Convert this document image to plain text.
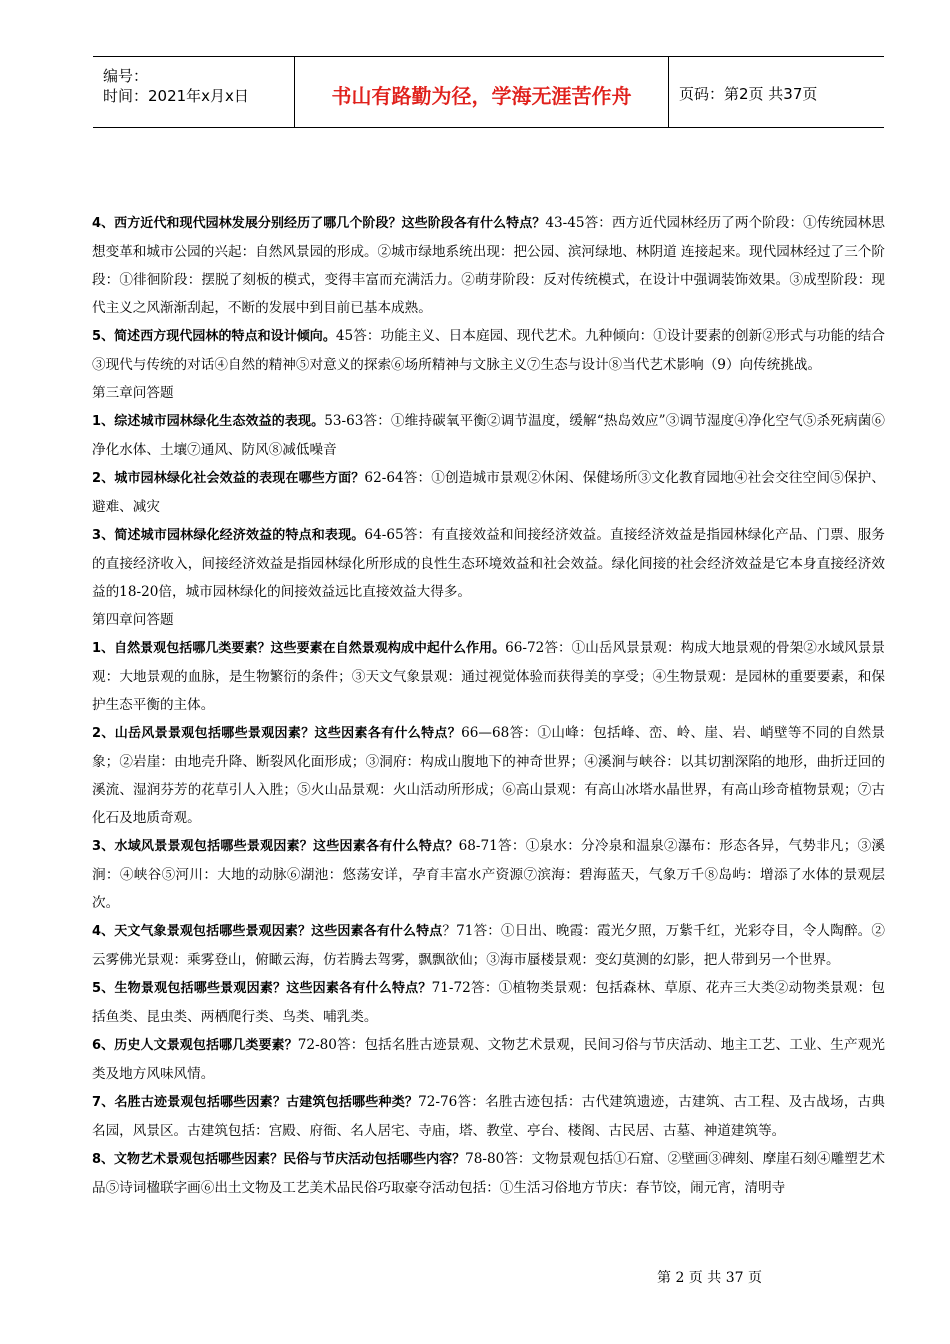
编号：
时间：2021年x月x日	书山有路勤为径，学海无涯苦作舟	页码：第2页 共37页

4、西方近代和现代园林发展分别经历了哪几个阶段？这些阶段各有什么特点？43-45答：西方近代园林经历了两个阶段：①传统园林思想变革和城市公园的兴起：自然风景园的形成。②城市绿地系统出现：把公园、滨河绿地、林阴道 连接起来。现代园林经过了三个阶段：①徘徊阶段：摆脱了刻板的模式，变得丰富而充满活力。②萌芽阶段：反对传统模式，在设计中强调装饰效果。③成型阶段：现代主义之风渐渐刮起，不断的发展中到目前已基本成熟。

5、简述西方现代园林的特点和设计倾向。45答：功能主义、日本庭园、现代艺术。九种倾向：①设计要素的创新②形式与功能的结合③现代与传统的对话④自然的精神⑤对意义的探索⑥场所精神与文脉主义⑦生态与设计⑧当代艺术影响（9）向传统挑战。

第三章问答题

1、综述城市园林绿化生态效益的表现。53-63答：①维持碳氧平衡②调节温度，缓解“热岛效应”③调节湿度④净化空气⑤杀死病菌⑥净化水体、土壤⑦通风、防风⑧减低噪音

2、城市园林绿化社会效益的表现在哪些方面？62-64答：①创造城市景观②休闲、保健场所③文化教育园地④社会交往空间⑤保护、避难、减灾

3、简述城市园林绿化经济效益的特点和表现。64-65答：有直接效益和间接经济效益。直接经济效益是指园林绿化产品、门票、服务的直接经济收入，间接经济效益是指园林绿化所形成的良性生态环境效益和社会效益。绿化间接的社会经济效益是它本身直接经济效益的18-20倍，城市园林绿化的间接效益远比直接效益大得多。

第四章问答题

1、自然景观包括哪几类要素？这些要素在自然景观构成中起什么作用。66-72答：①山岳风景景观：构成大地景观的骨架②水域风景景观：大地景观的血脉，是生物繁衍的条件；③天文气象景观：通过视觉体验而获得美的享受；④生物景观：是园林的重要要素，和保护生态平衡的主体。

2、山岳风景景观包括哪些景观因素？这些因素各有什么特点？66—68答：①山峰：包括峰、峦、岭、崖、岩、峭壁等不同的自然景象；②岩崖：由地壳升降、断裂风化面形成；③洞府：构成山腹地下的神奇世界；④溪涧与峡谷：以其切割深陷的地形，曲折迂回的溪流、湿润芬芳的花草引人入胜；⑤火山品景观：火山活动所形成；⑥高山景观：有高山冰塔水晶世界，有高山珍奇植物景观；⑦古化石及地质奇观。

3、水域风景景观包括哪些景观因素？这些因素各有什么特点？68-71答：①泉水：分冷泉和温泉②瀑布：形态各异，气势非凡；③溪涧：④峡谷⑤河川：大地的动脉⑥湖池：悠荡安详，孕育丰富水产资源⑦滨海：碧海蓝天，气象万千⑧岛屿：增添了水体的景观层次。

4、天文气象景观包括哪些景观因素？这些因素各有什么特点？71答：①日出、晚霞：霞光夕照，万紫千红，光彩夺目，令人陶醉。②云雾佛光景观：乘雾登山，俯瞰云海，仿若腾去驾雾，飘飘欲仙；③海市蜃楼景观：变幻莫测的幻影，把人带到另一个世界。

5、生物景观包括哪些景观因素？这些因素各有什么特点？71-72答：①植物类景观：包括森林、草原、花卉三大类②动物类景观：包括鱼类、昆虫类、两栖爬行类、鸟类、哺乳类。

6、历史人文景观包括哪几类要素？72-80答：包括名胜古迹景观、文物艺术景观，民间习俗与节庆活动、地主工艺、工业、生产观光类及地方风味风情。

7、名胜古迹景观包括哪些因素？古建筑包括哪些种类？72-76答：名胜古迹包括：古代建筑遗迹，古建筑、古工程、及古战场，古典名园，风景区。古建筑包括：宫殿、府衙、名人居宅、寺庙，塔、教堂、亭台、楼阁、古民居、古墓、神道建筑等。

8、文物艺术景观包括哪些因素？民俗与节庆活动包括哪些内容？78-80答：文物景观包括①石窟、②壁画③碑刻、摩崖石刻④雕塑艺术品⑤诗词楹联字画⑥出土文物及工艺美术品民俗巧取豪夺活动包括：①生活习俗地方节庆：春节饺，闹元宵，清明寺

第 2 页 共 37 页
